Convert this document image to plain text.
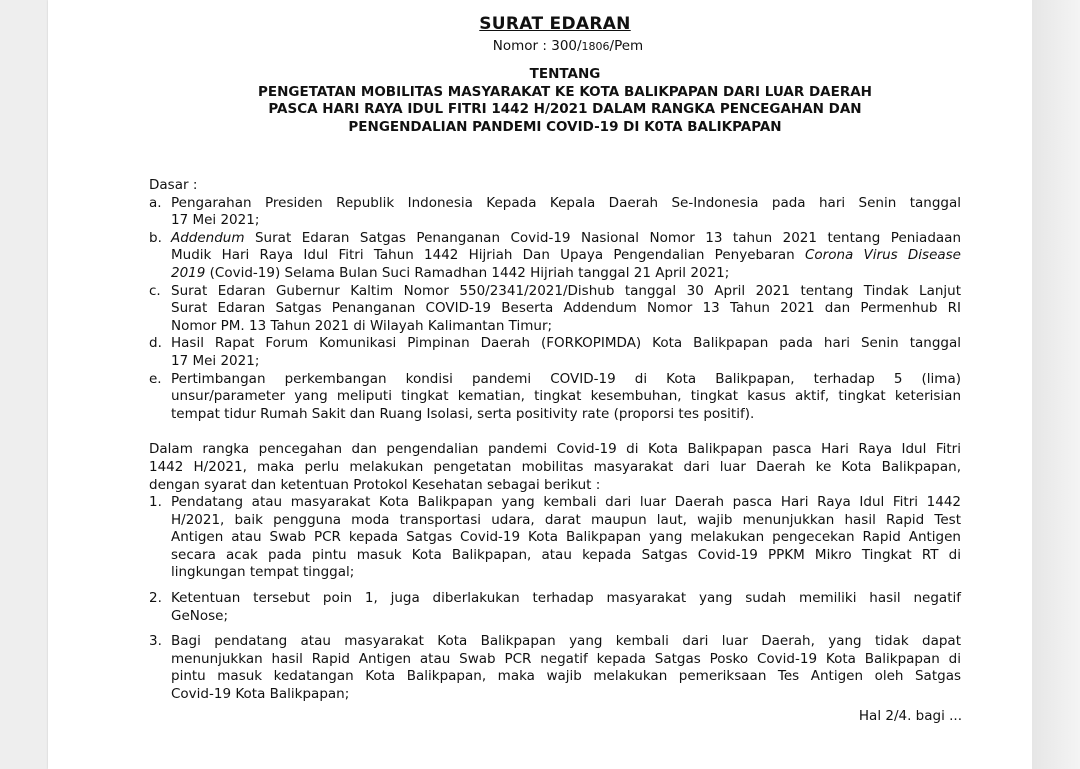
SURAT EDARAN
Nomor : 300/1806/Pem
TENTANG
PENGETATAN MOBILITAS MASYARAKAT KE KOTA BALIKPAPAN DARI LUAR DAERAH
PASCA HARI RAYA IDUL FITRI 1442 H/2021 DALAM RANGKA PENCEGAHAN DAN
PENGENDALIAN PANDEMI COVID-19 DI K0TA BALIKPAPAN
Dasar :
a. Pengarahan Presiden Republik Indonesia Kepada Kepala Daerah Se-Indonesia pada hari Senin tanggal
17 Mei 2021;
b. Addendum Surat Edaran Satgas Penanganan Covid-19 Nasional Nomor 13 tahun 2021 tentang Peniadaan
Mudik Hari Raya Idul Fitri Tahun 1442 Hijriah Dan Upaya Pengendalian Penyebaran Corona Virus Disease
2019 (Covid-19) Selama Bulan Suci Ramadhan 1442 Hijriah tanggal 21 April 2021;
c. Surat Edaran Gubernur Kaltim Nomor 550/2341/2021/Dishub tanggal 30 April 2021 tentang Tindak Lanjut
Surat Edaran Satgas Penanganan COVID-19 Beserta Addendum Nomor 13 Tahun 2021 dan Permenhub RI
Nomor PM. 13 Tahun 2021 di Wilayah Kalimantan Timur;
d. Hasil Rapat Forum Komunikasi Pimpinan Daerah (FORKOPIMDA) Kota Balikpapan pada hari Senin tanggal
17 Mei 2021;
e. Pertimbangan perkembangan kondisi pandemi COVID-19 di Kota Balikpapan, terhadap 5 (lima)
unsur/parameter yang meliputi tingkat kematian, tingkat kesembuhan, tingkat kasus aktif, tingkat keterisian
tempat tidur Rumah Sakit dan Ruang Isolasi, serta positivity rate (proporsi tes positif).
Dalam rangka pencegahan dan pengendalian pandemi Covid-19 di Kota Balikpapan pasca Hari Raya Idul Fitri
1442 H/2021, maka perlu melakukan pengetatan mobilitas masyarakat dari luar Daerah ke Kota Balikpapan,
dengan syarat dan ketentuan Protokol Kesehatan sebagai berikut :
1. Pendatang atau masyarakat Kota Balikpapan yang kembali dari luar Daerah pasca Hari Raya Idul Fitri 1442
H/2021, baik pengguna moda transportasi udara, darat maupun laut, wajib menunjukkan hasil Rapid Test
Antigen atau Swab PCR kepada Satgas Covid-19 Kota Balikpapan yang melakukan pengecekan Rapid Antigen
secara acak pada pintu masuk Kota Balikpapan, atau kepada Satgas Covid-19 PPKM Mikro Tingkat RT di
lingkungan tempat tinggal;
2. Ketentuan tersebut poin 1, juga diberlakukan terhadap masyarakat yang sudah memiliki hasil negatif
GeNose;
3. Bagi pendatang atau masyarakat Kota Balikpapan yang kembali dari luar Daerah, yang tidak dapat
menunjukkan hasil Rapid Antigen atau Swab PCR negatif kepada Satgas Posko Covid-19 Kota Balikpapan di
pintu masuk kedatangan Kota Balikpapan, maka wajib melakukan pemeriksaan Tes Antigen oleh Satgas
Covid-19 Kota Balikpapan;
Hal 2/4. bagi ...
